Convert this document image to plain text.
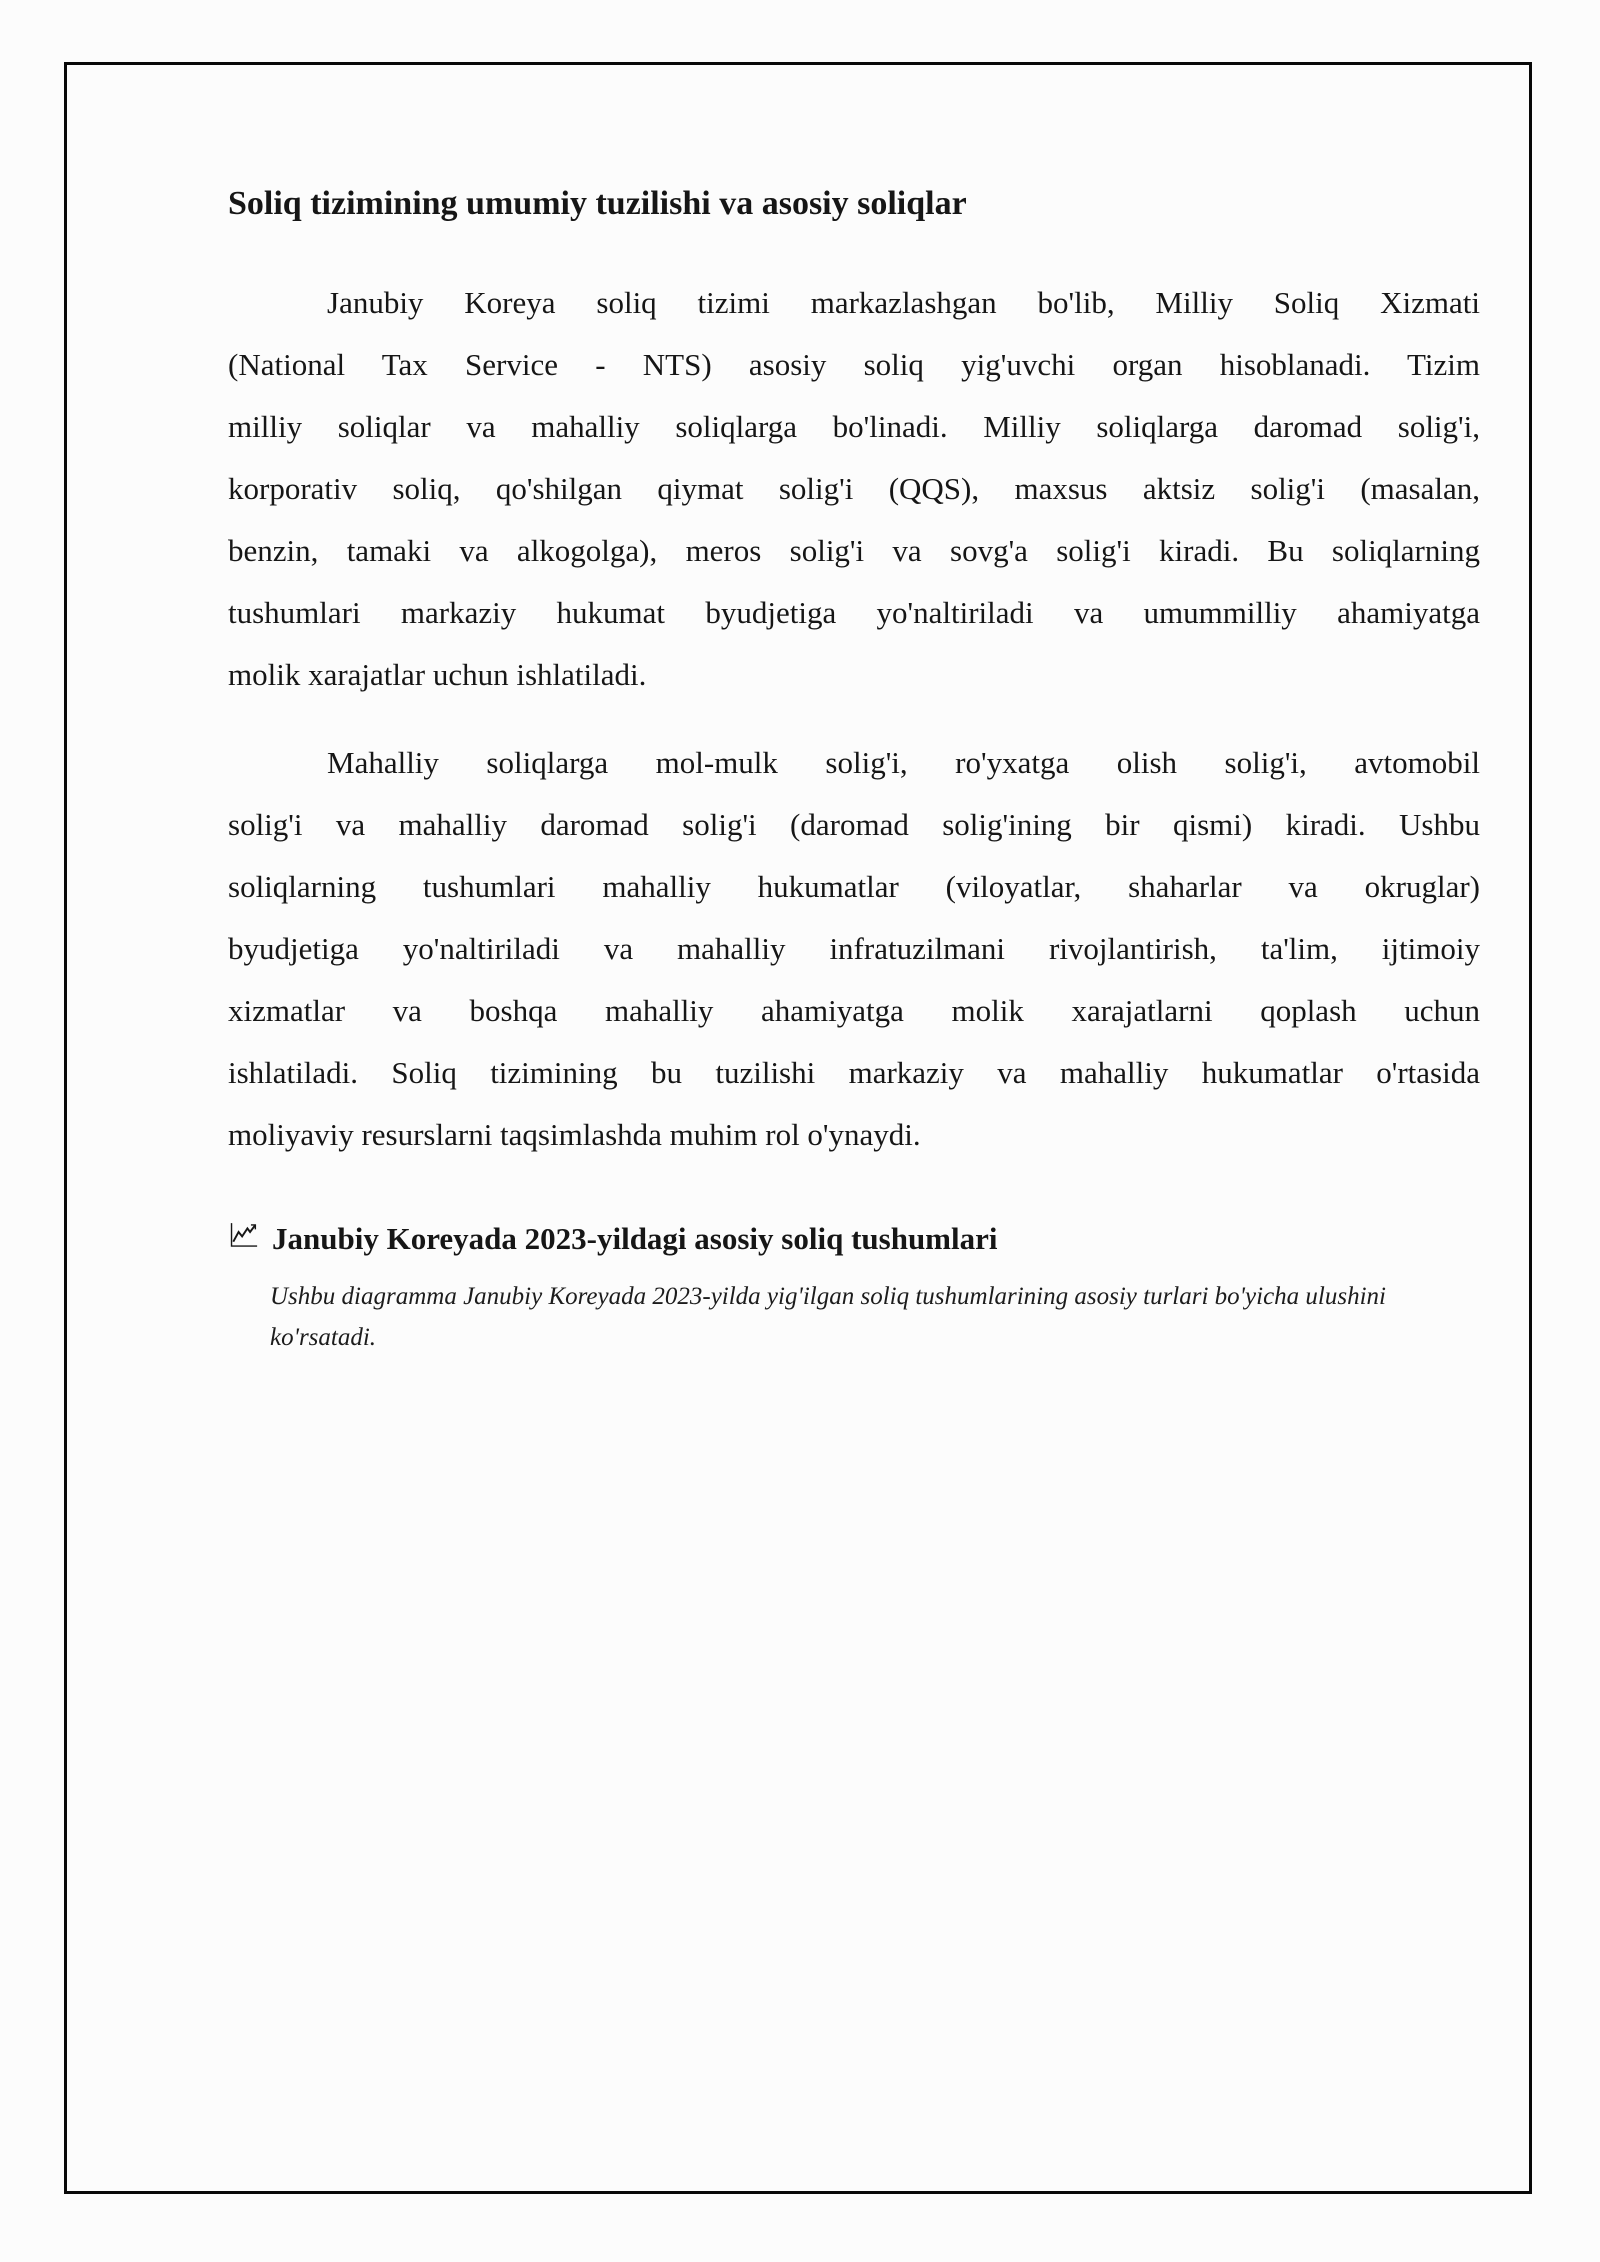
Soliq tizimining umumiy tuzilishi va asosiy soliqlar
Janubiy Koreya soliq tizimi markazlashgan bo'lib, Milliy Soliq Xizmati
(National Tax Service - NTS) asosiy soliq yig'uvchi organ hisoblanadi. Tizim
milliy soliqlar va mahalliy soliqlarga bo'linadi. Milliy soliqlarga daromad solig'i,
korporativ soliq, qo'shilgan qiymat solig'i (QQS), maxsus aktsiz solig'i (masalan,
benzin, tamaki va alkogolga), meros solig'i va sovg'a solig'i kiradi. Bu soliqlarning
tushumlari markaziy hukumat byudjetiga yo'naltiriladi va umummilliy ahamiyatga
molik xarajatlar uchun ishlatiladi.
Mahalliy soliqlarga mol-mulk solig'i, ro'yxatga olish solig'i, avtomobil
solig'i va mahalliy daromad solig'i (daromad solig'ining bir qismi) kiradi. Ushbu
soliqlarning tushumlari mahalliy hukumatlar (viloyatlar, shaharlar va okruglar)
byudjetiga yo'naltiriladi va mahalliy infratuzilmani rivojlantirish, ta'lim, ijtimoiy
xizmatlar va boshqa mahalliy ahamiyatga molik xarajatlarni qoplash uchun
ishlatiladi. Soliq tizimining bu tuzilishi markaziy va mahalliy hukumatlar o'rtasida
moliyaviy resurslarni taqsimlashda muhim rol o'ynaydi.
Janubiy Koreyada 2023-yildagi asosiy soliq tushumlari
Ushbu diagramma Janubiy Koreyada 2023-yilda yig'ilgan soliq tushumlarining asosiy turlari bo'yicha ulushini
ko'rsatadi.
